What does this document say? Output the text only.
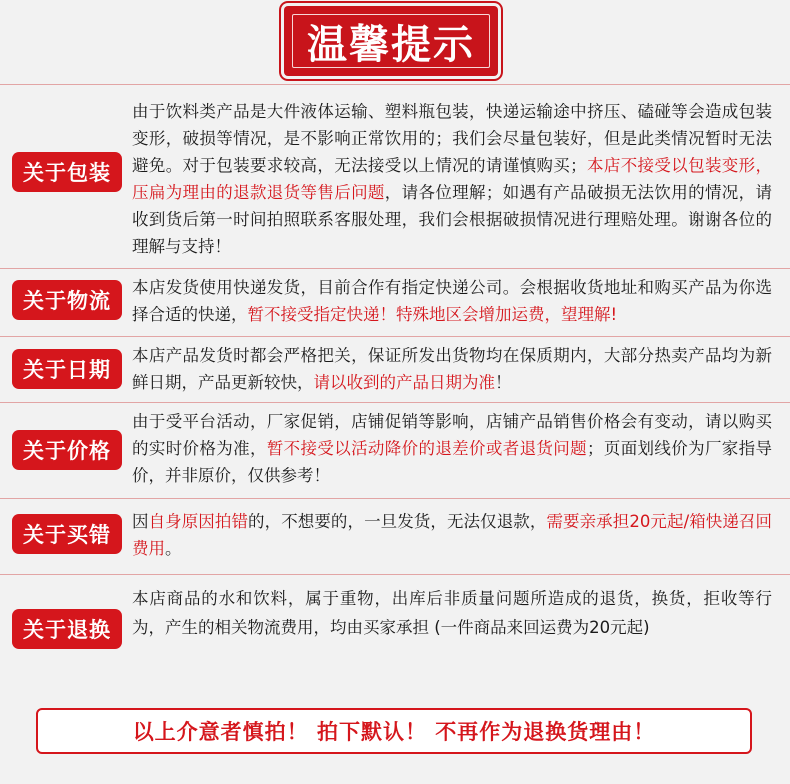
温馨提示
关于包装
由于饮料类产品是大件液体运输、塑料瓶包装，快递运输途中挤压、磕碰等会造成包装变形，破损等情况，是不影响正常饮用的；我们会尽量包装好，但是此类情况暂时无法避免。对于包装要求较高，无法接受以上情况的请谨慎购买；本店不接受以包装变形，压扁为理由的退款退货等售后问题，请各位理解；如遇有产品破损无法饮用的情况，请收到货后第一时间拍照联系客服处理，我们会根据破损情况进行理赔处理。谢谢各位的理解与支持！
关于物流
本店发货使用快递发货，目前合作有指定快递公司。会根据收货地址和购买产品为你选择合适的快递，暂不接受指定快递！特殊地区会增加运费，望理解!
关于日期
本店产品发货时都会严格把关，保证所发出货物均在保质期内，大部分热卖产品均为新鲜日期，产品更新较快，请以收到的产品日期为准！
关于价格
由于受平台活动，厂家促销，店铺促销等影响，店铺产品销售价格会有变动，请以购买的实时价格为准，暂不接受以活动降价的退差价或者退货问题；页面划线价为厂家指导价，并非原价，仅供参考！
关于买错
因自身原因拍错的，不想要的，一旦发货，无法仅退款，需要亲承担20元起/箱快递召回费用。
关于退换
本店商品的水和饮料，属于重物，出库后非质量问题所造成的退货，换货，拒收等行为，产生的相关物流费用，均由买家承担 (一件商品来回运费为20元起)
以上介意者慎拍！ 拍下默认！ 不再作为退换货理由！
